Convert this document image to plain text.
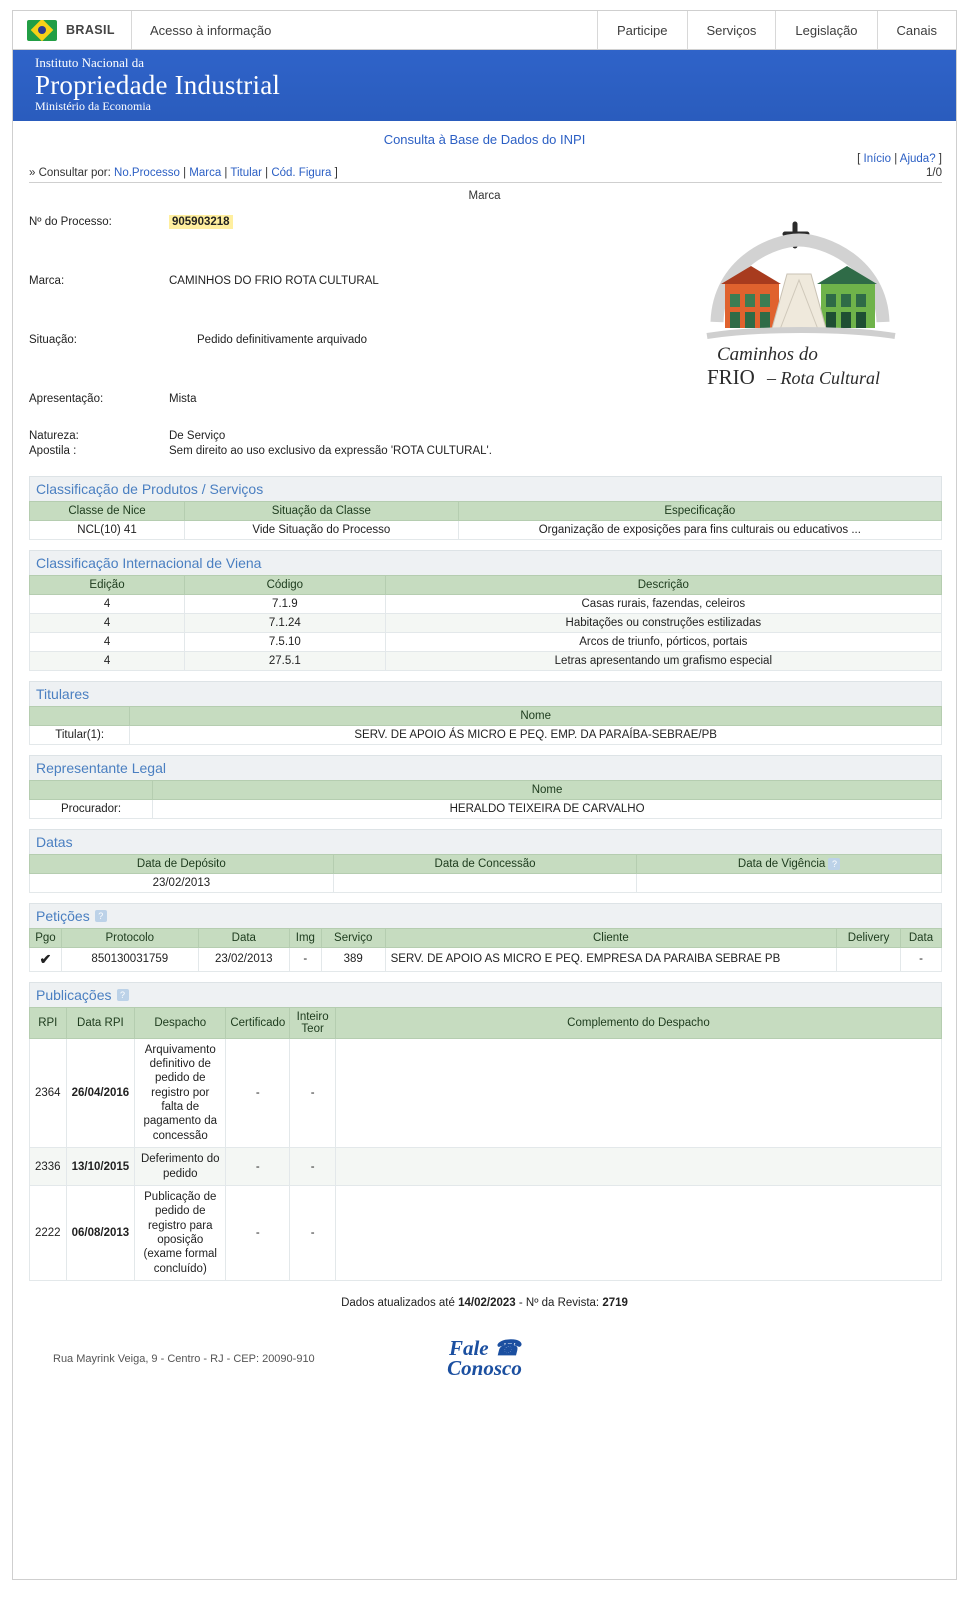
BRASIL	Acesso à informação	Participe	Serviços	Legislação	Canais
Instituto Nacional da
Propriedade Industrial
Ministério da Economia
Consulta à Base de Dados do INPI
[ Início | Ajuda? ]
» Consultar por: No.Processo | Marca | Titular | Cód. Figura ]	1/0
Marca
Caminhos do
FRIO – Rota Cultural
Nº do Processo:	905903218
Marca:	CAMINHOS DO FRIO ROTA CULTURAL
Situação:	Pedido definitivamente arquivado
Apresentação:	Mista
Natureza:	De Serviço
Apostila :	Sem direito ao uso exclusivo da expressão 'ROTA CULTURAL'.
Classificação de Produtos / Serviços
Classe de Nice	Situação da Classe	Especificação
NCL(10) 41	Vide Situação do Processo	Organização de exposições para fins culturais ou educativos ...
Classificação Internacional de Viena
Edição	Código	Descrição
4	7.1.9	Casas rurais, fazendas, celeiros
4	7.1.24	Habitações ou construções estilizadas
4	7.5.10	Arcos de triunfo, pórticos, portais
4	27.5.1	Letras apresentando um grafismo especial
Titulares
	Nome
Titular(1):	SERV. DE APOIO ÁS MICRO E PEQ. EMP. DA PARAÍBA-SEBRAE/PB
Representante Legal
	Nome
Procurador:	HERALDO TEIXEIRA DE CARVALHO
Datas
Data de Depósito	Data de Concessão	Data de Vigência ?
23/02/2013		
Petições ?
Pgo	Protocolo	Data	Img	Serviço	Cliente	Delivery	Data
✔	850130031759	23/02/2013	-	389	SERV. DE APOIO AS MICRO E PEQ. EMPRESA DA PARAIBA SEBRAE PB		-
Publicações ?
RPI	Data RPI	Despacho	Certificado	Inteiro Teor	Complemento do Despacho
2364	26/04/2016	Arquivamento definitivo de pedido de registro por falta de pagamento da concessão	-	-	
2336	13/10/2015	Deferimento do pedido	-	-	
2222	06/08/2013	Publicação de pedido de registro para oposição (exame formal concluído)	-	-	
Dados atualizados até 14/02/2023 - Nº da Revista: 2719
Rua Mayrink Veiga, 9 - Centro - RJ - CEP: 20090-910	Fale ☎
Conosco
